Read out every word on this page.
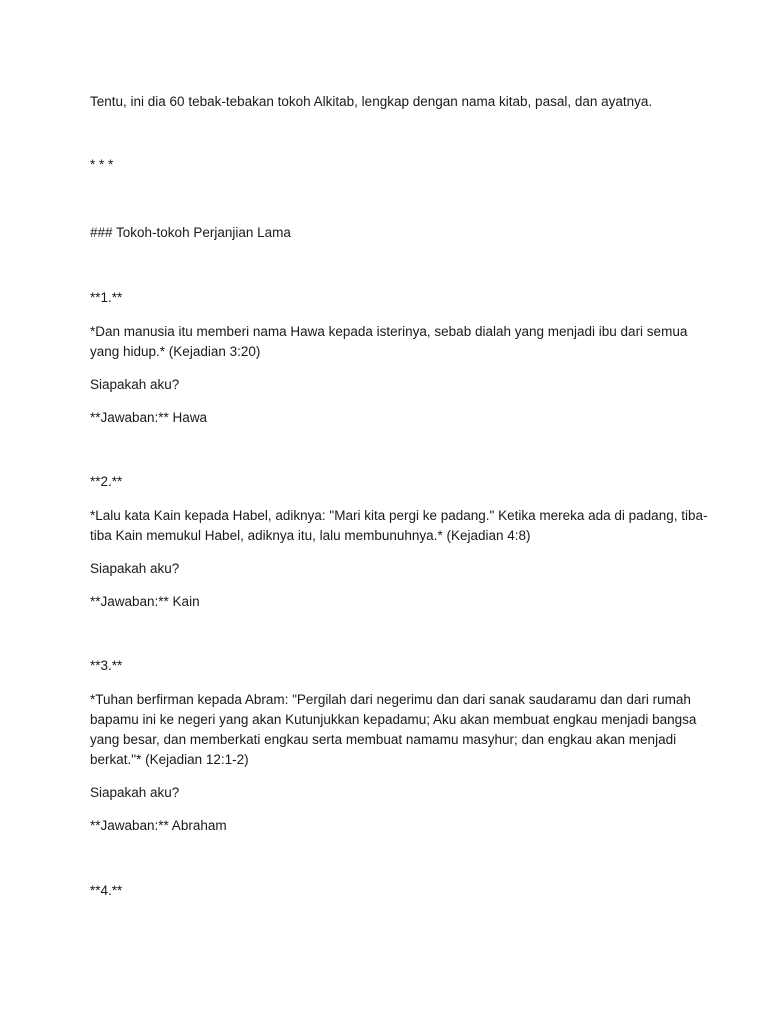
Tentu, ini dia 60 tebak-tebakan tokoh Alkitab, lengkap dengan nama kitab, pasal, dan ayatnya.
* * *
### Tokoh-tokoh Perjanjian Lama
**1.**
*Dan manusia itu memberi nama Hawa kepada isterinya, sebab dialah yang menjadi ibu dari semua
yang hidup.* (Kejadian 3:20)
Siapakah aku?
**Jawaban:** Hawa
**2.**
*Lalu kata Kain kepada Habel, adiknya: "Mari kita pergi ke padang." Ketika mereka ada di padang, tiba-
tiba Kain memukul Habel, adiknya itu, lalu membunuhnya.* (Kejadian 4:8)
Siapakah aku?
**Jawaban:** Kain
**3.**
*Tuhan berfirman kepada Abram: "Pergilah dari negerimu dan dari sanak saudaramu dan dari rumah
bapamu ini ke negeri yang akan Kutunjukkan kepadamu; Aku akan membuat engkau menjadi bangsa
yang besar, dan memberkati engkau serta membuat namamu masyhur; dan engkau akan menjadi
berkat."* (Kejadian 12:1-2)
Siapakah aku?
**Jawaban:** Abraham
**4.**
